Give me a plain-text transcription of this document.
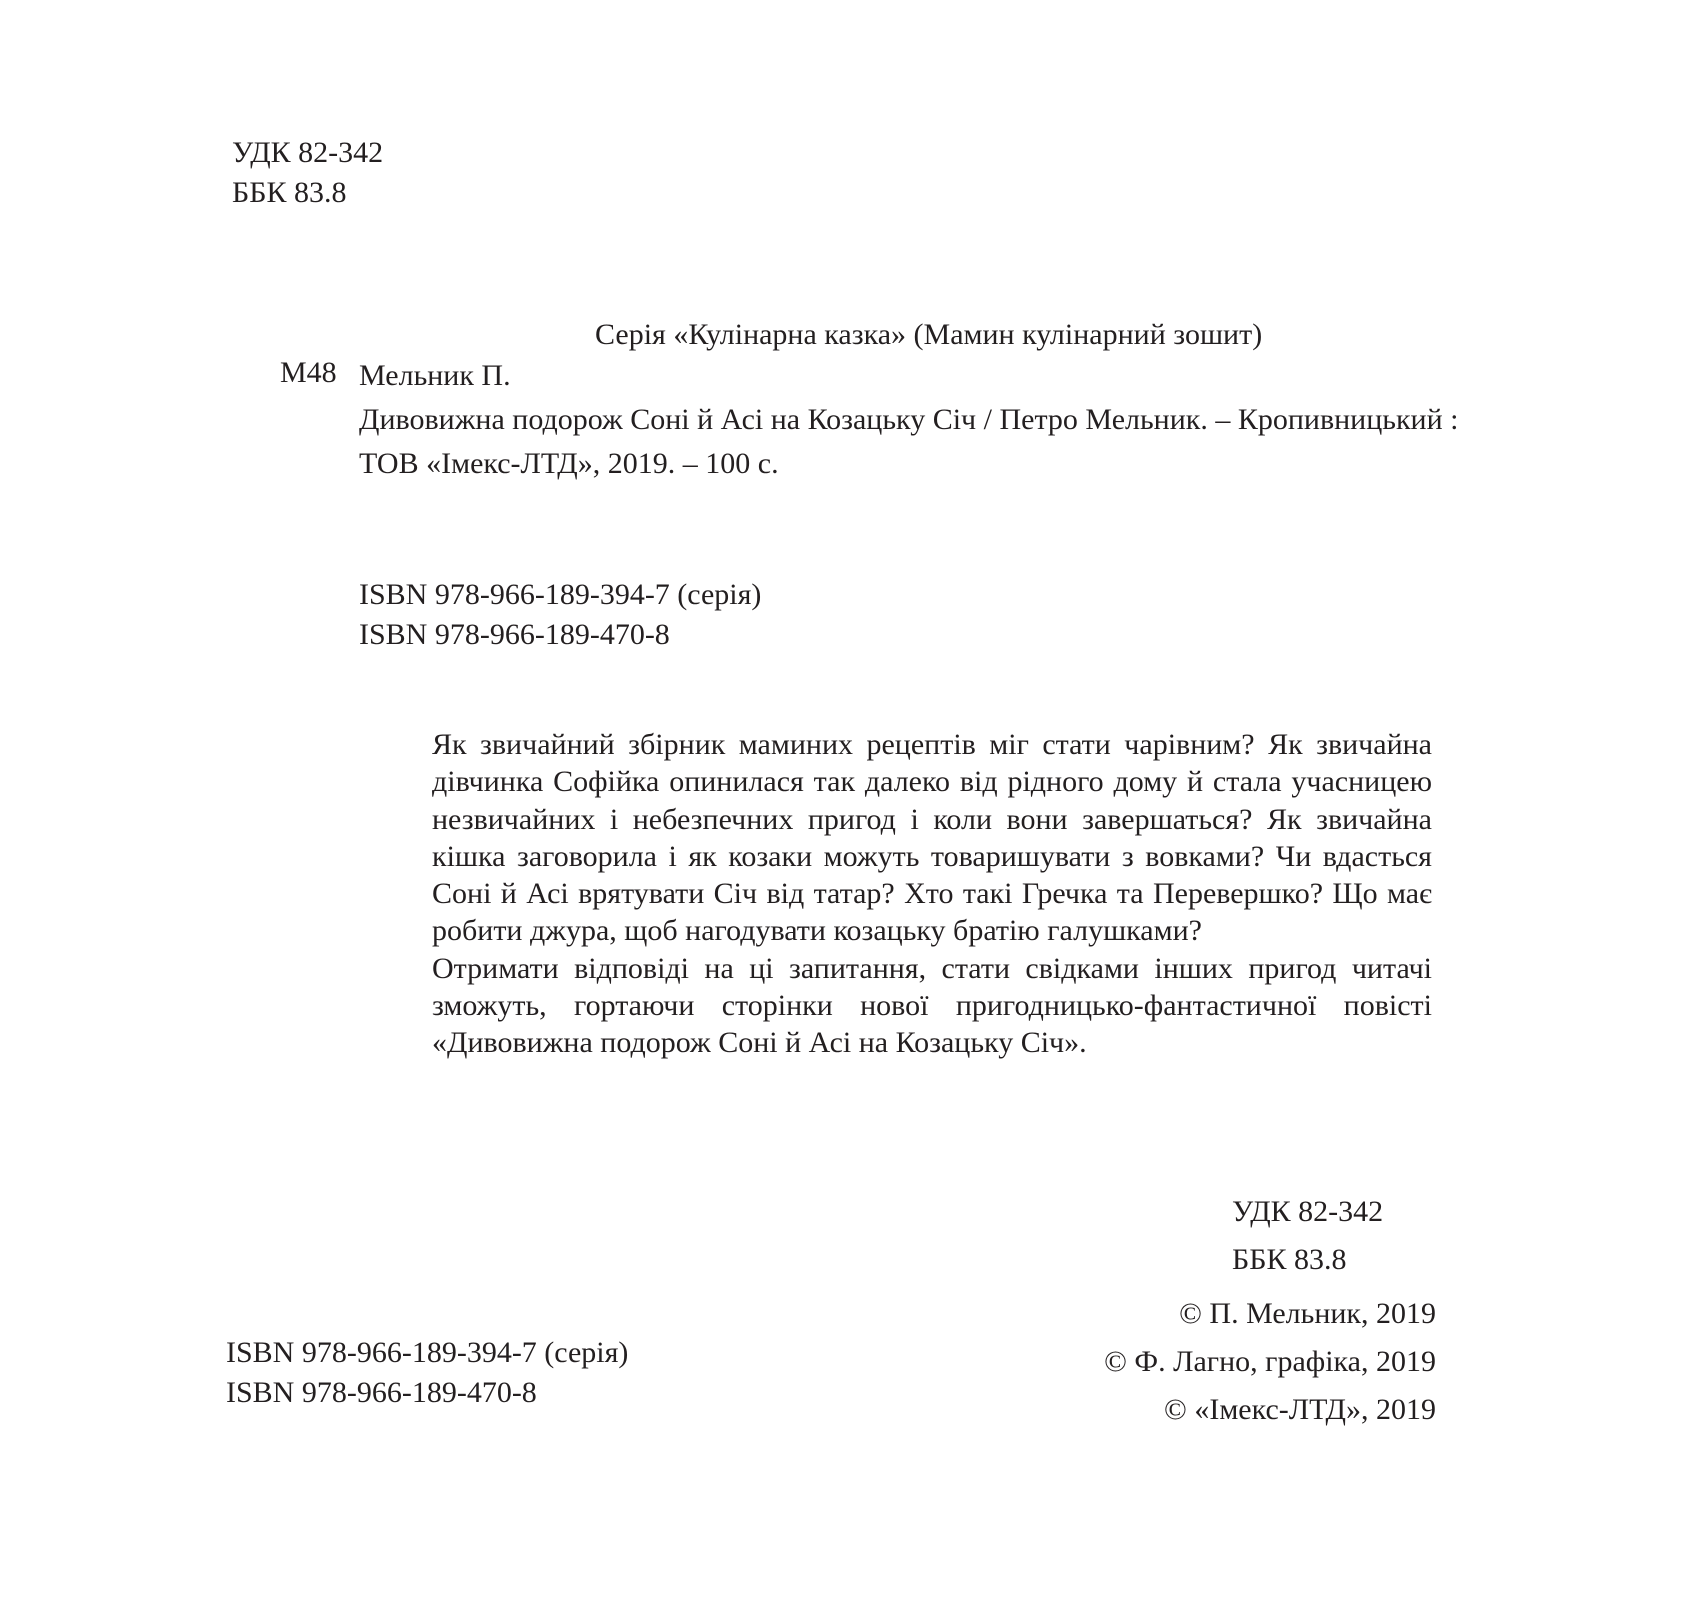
УДК 82-342
ББК 83.8

Серія «Кулінарна казка» (Мамин кулінарний зошит)

М48 Мельник П.
Дивовижна подорож Соні й Асі на Козацьку Січ / Петро Мельник. – Кропивницький :
ТОВ «Імекс-ЛТД», 2019. – 100 с.
ISBN 978-966-189-394-7 (серія)
ISBN 978-966-189-470-8

Як звичайний збірник маминих рецептів міг стати чарівним? Як звичайна дівчинка Софійка опинилася так далеко від рідного дому й стала учасницею незвичайних і небезпечних пригод і коли вони завершаться? Як звичайна кішка заговорила і як козаки можуть товаришувати з вовками? Чи вдасться Соні й Асі врятувати Січ від татар? Хто такі Гречка та Перевершко? Що має робити джура, щоб нагодувати козацьку братію галушками?

Отримати відповіді на ці запитання, стати свідками інших пригод читачі зможуть, гортаючи сторінки нової пригодницько-фантастичної повісті «Дивовижна подорож Соні й Асі на Козацьку Січ».

УДК 82-342
ББК 83.8
© П. Мельник, 2019
© Ф. Лагно, графіка, 2019
© «Імекс-ЛТД», 2019
ISBN 978-966-189-394-7 (серія)
ISBN 978-966-189-470-8
